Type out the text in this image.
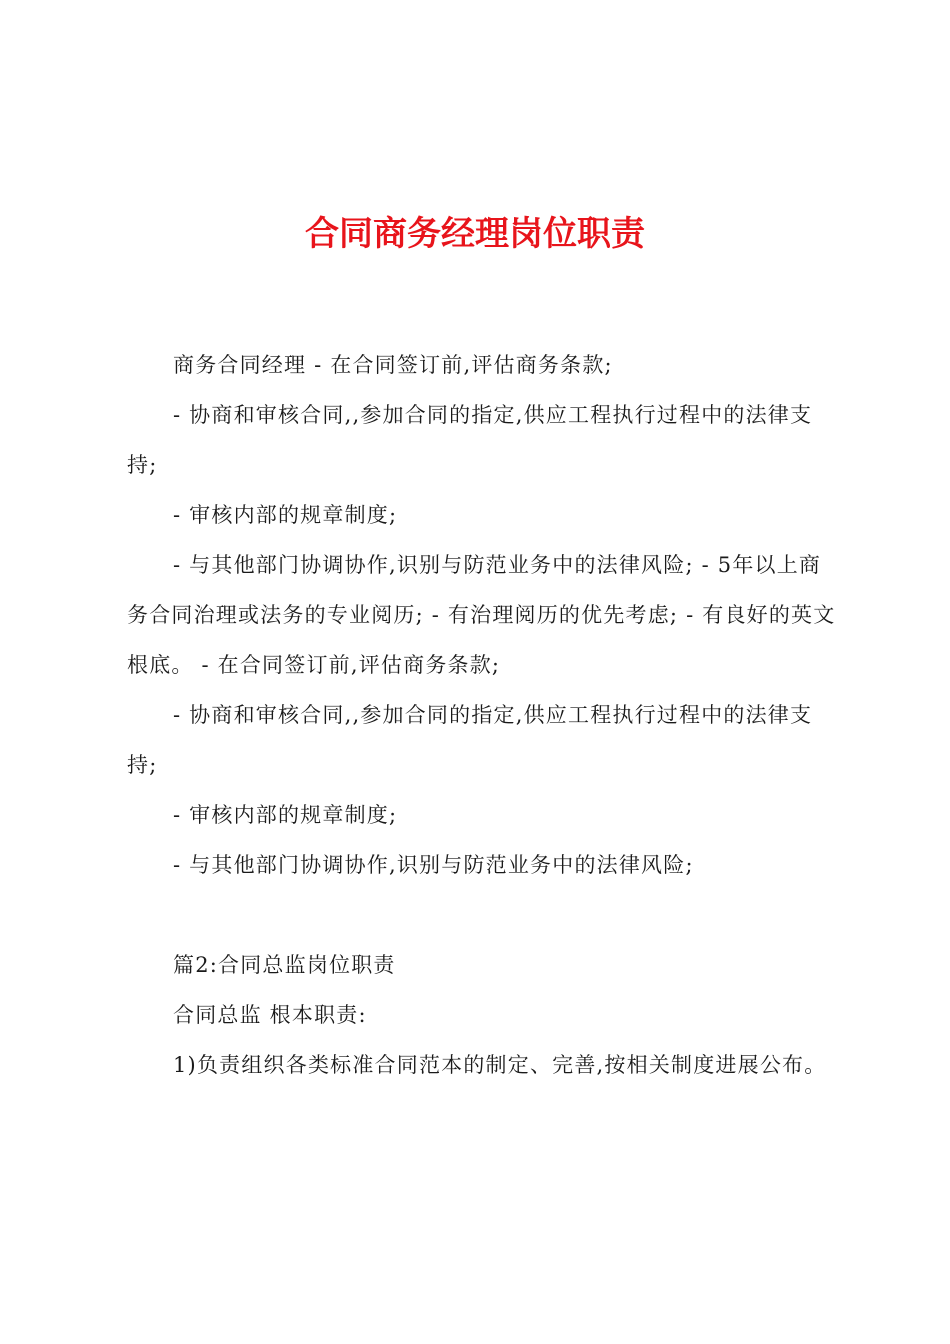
合同商务经理岗位职责

商务合同经理 - 在合同签订前,评估商务条款;

- 协商和审核合同,,参加合同的指定,供应工程执行过程中的法律支持;

- 审核内部的规章制度;

- 与其他部门协调协作,识别与防范业务中的法律风险; - 5年以上商务合同治理或法务的专业阅历; - 有治理阅历的优先考虑; - 有良好的英文根底。 - 在合同签订前,评估商务条款;

- 协商和审核合同,,参加合同的指定,供应工程执行过程中的法律支持;

- 审核内部的规章制度;

- 与其他部门协调协作,识别与防范业务中的法律风险;

篇2:合同总监岗位职责

合同总监 根本职责:

1)负责组织各类标准合同范本的制定、完善,按相关制度进展公布。
